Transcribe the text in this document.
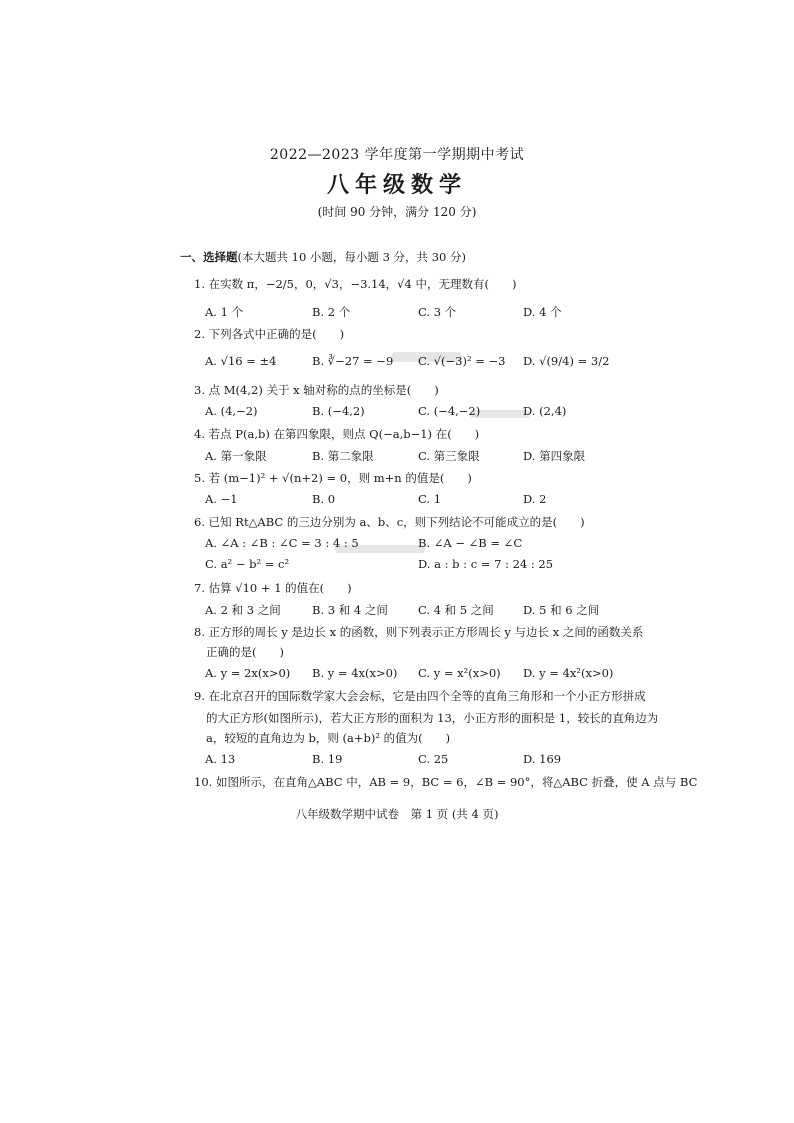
2022—2023 学年度第一学期期中考试
八年级数学
(时间 90 分钟，满分 120 分)
一、选择题(本大题共 10 小题，每小题 3 分，共 30 分)
1. 在实数 π，−2/5，0，√3，−3.14，√4 中，无理数有(　　)
A. 1 个	B. 2 个	C. 3 个	D. 4 个
2. 下列各式中正确的是(　　)
A. √16 = ±4	B. ∛−27 = −9 C. √(−3)² = −3 D. √(9/4) = 3/2
3. 点 M(4,2) 关于 x 轴对称的点的坐标是(　　)
A. (4,−2)	B. (−4,2)	C. (−4,−2)	D. (2,4)
4. 若点 P(a,b) 在第四象限，则点 Q(−a,b−1) 在(　　)
A. 第一象限	B. 第二象限	C. 第三象限	D. 第四象限
5. 若 (m−1)² + √(n+2) = 0，则 m+n 的值是(　　)
A. −1	B. 0	C. 1	D. 2
6. 已知 Rt△ABC 的三边分别为 a、b、c，则下列结论不可能成立的是(　　)
A. ∠A : ∠B : ∠C = 3 : 4 : 5	B. ∠A − ∠B = ∠C
C. a² − b² = c²	D. a : b : c = 7 : 24 : 25
7. 估算 √10 + 1 的值在(　　)
A. 2 和 3 之间	B. 3 和 4 之间	C. 4 和 5 之间	D. 5 和 6 之间
8. 正方形的周长 y 是边长 x 的函数，则下列表示正方形周长 y 与边长 x 之间的函数关系
正确的是(　　)
A. y = 2x(x>0) B. y = 4x(x>0) C. y = x²(x>0) D. y = 4x²(x>0)
9. 在北京召开的国际数学家大会会标，它是由四个全等的直角三角形和一个小正方形拼成
的大正方形(如图所示)，若大正方形的面积为 13，小正方形的面积是 1，较长的直角边为
a，较短的直角边为 b，则 (a+b)² 的值为(　　)
A. 13	B. 19	C. 25	D. 169
10. 如图所示，在直角△ABC 中，AB = 9，BC = 6，∠B = 90°，将△ABC 折叠，使 A 点与 BC
八年级数学期中试卷　第 1 页 (共 4 页)
